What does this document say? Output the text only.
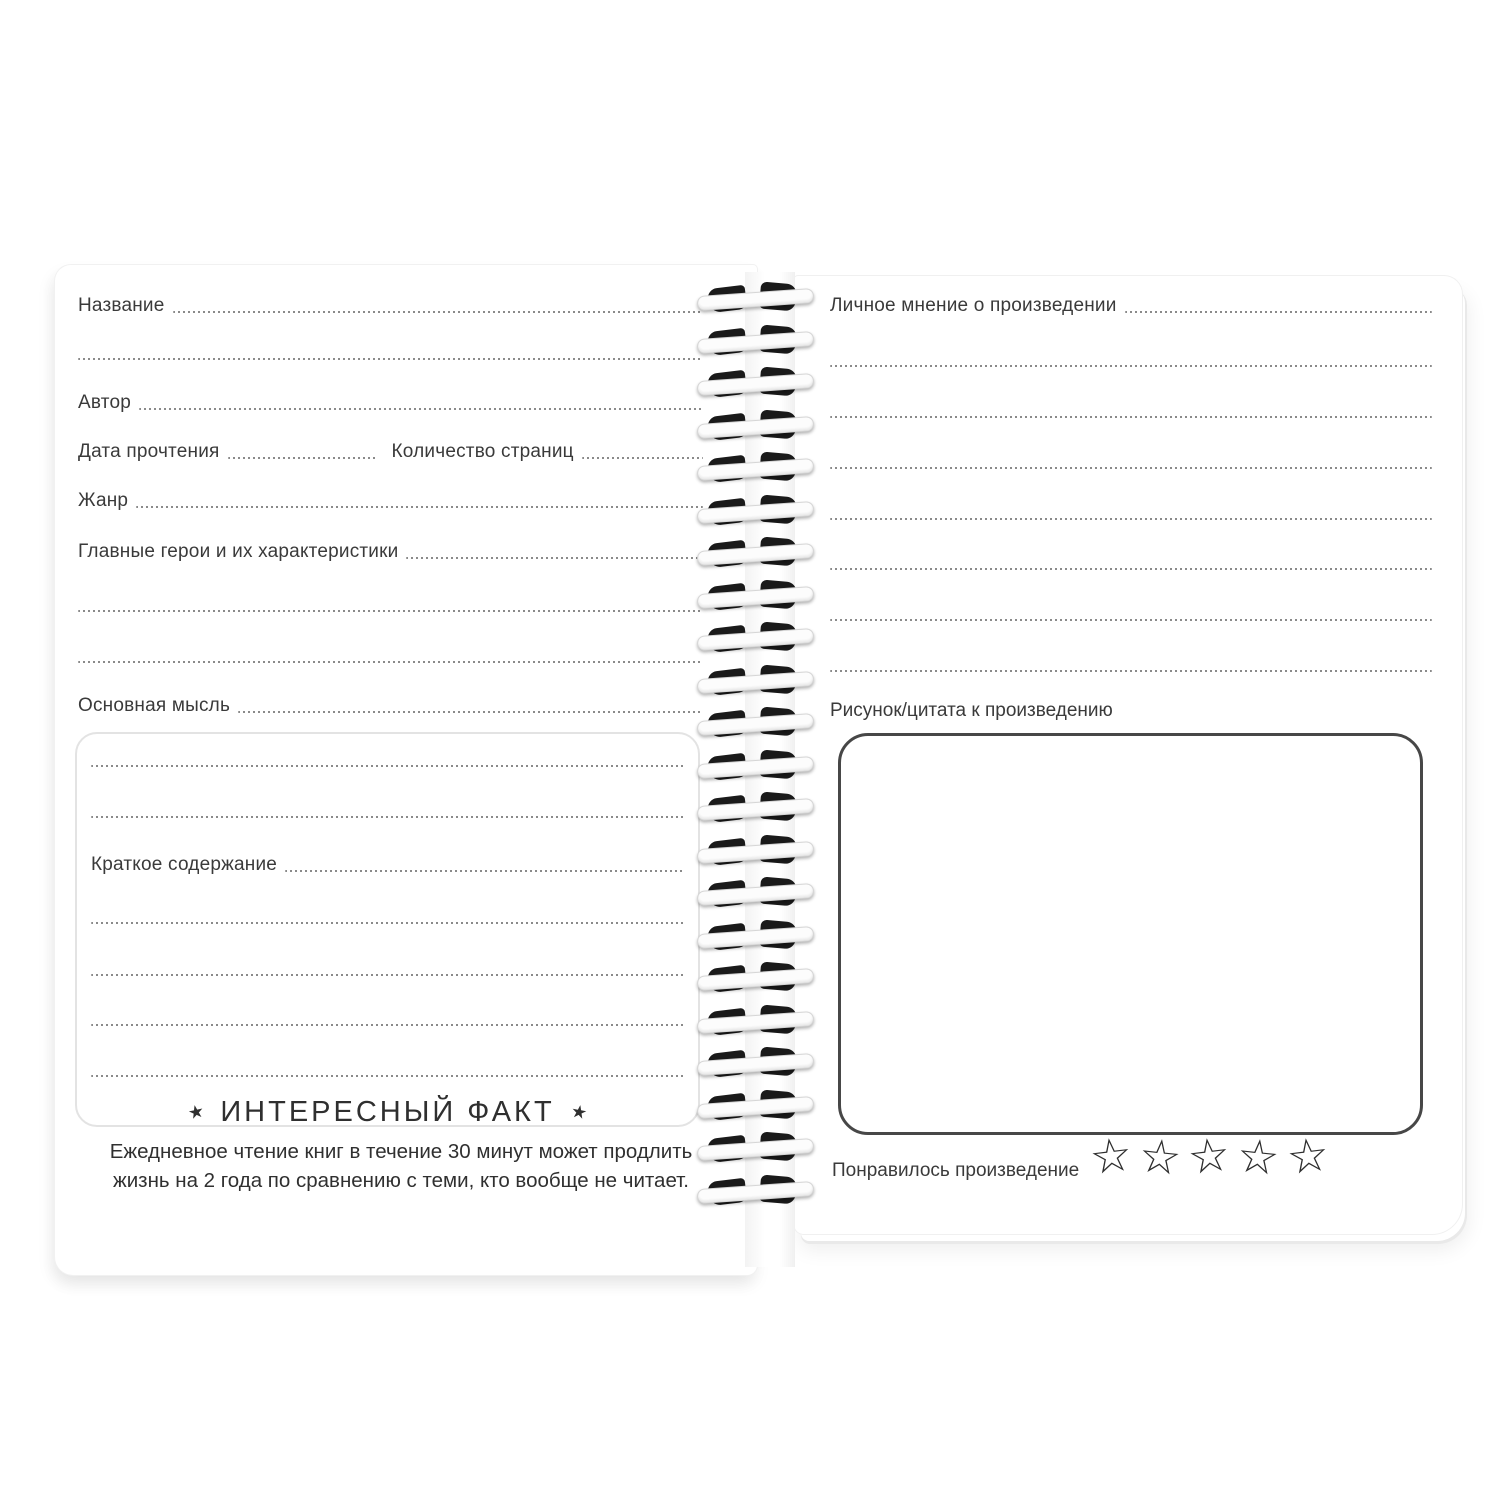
Название
Автор
Дата прочтения	Количество страниц
Жанр
Главные герои и их характеристики
Основная мысль
Краткое содержание
★ ИНТЕРЕСНЫЙ ФАКТ ★
Ежедневное чтение книг в течение 30 минут может продлить
жизнь на 2 года по сравнению с теми, кто вообще не читает.
Личное мнение о произведении
Рисунок/цитата к произведению
Понравилось произведение ☆ ☆ ☆ ☆ ☆
